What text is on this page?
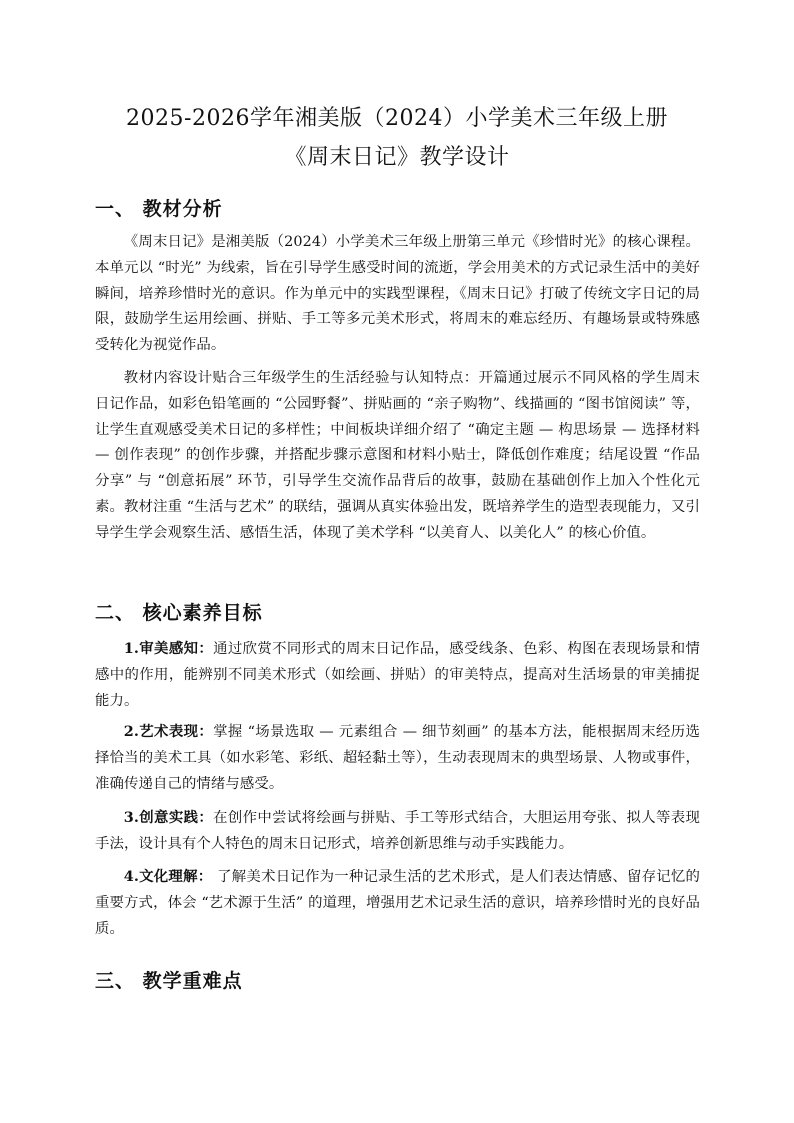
2025-2026学年湘美版（2024）小学美术三年级上册
《周末日记》教学设计
一、 教材分析

《周末日记》是湘美版（2024）小学美术三年级上册第三单元《珍惜时光》的核心课程。本单元以 “时光” 为线索，旨在引导学生感受时间的流逝，学会用美术的方式记录生活中的美好瞬间，培养珍惜时光的意识。作为单元中的实践型课程，《周末日记》打破了传统文字日记的局限，鼓励学生运用绘画、拼贴、手工等多元美术形式，将周末的难忘经历、有趣场景或特殊感受转化为视觉作品。

教材内容设计贴合三年级学生的生活经验与认知特点：开篇通过展示不同风格的学生周末日记作品，如彩色铅笔画的 “公园野餐”、拼贴画的 “亲子购物”、线描画的 “图书馆阅读” 等，让学生直观感受美术日记的多样性；中间板块详细介绍了 “确定主题 — 构思场景 — 选择材料 — 创作表现” 的创作步骤，并搭配步骤示意图和材料小贴士，降低创作难度；结尾设置 “作品分享” 与 “创意拓展” 环节，引导学生交流作品背后的故事，鼓励在基础创作上加入个性化元素。教材注重 “生活与艺术” 的联结，强调从真实体验出发，既培养学生的造型表现能力，又引导学生学会观察生活、感悟生活，体现了美术学科 “以美育人、以美化人” 的核心价值。

二、 核心素养目标

1.审美感知：通过欣赏不同形式的周末日记作品，感受线条、色彩、构图在表现场景和情感中的作用，能辨别不同美术形式（如绘画、拼贴）的审美特点，提高对生活场景的审美捕捉能力。

2.艺术表现：掌握 “场景选取 — 元素组合 — 细节刻画” 的基本方法，能根据周末经历选择恰当的美术工具（如水彩笔、彩纸、超轻黏土等），生动表现周末的典型场景、人物或事件，准确传递自己的情绪与感受。

3.创意实践：在创作中尝试将绘画与拼贴、手工等形式结合，大胆运用夸张、拟人等表现手法，设计具有个人特色的周末日记形式，培养创新思维与动手实践能力。

4.文化理解： 了解美术日记作为一种记录生活的艺术形式，是人们表达情感、留存记忆的重要方式，体会 “艺术源于生活” 的道理，增强用艺术记录生活的意识，培养珍惜时光的良好品质。

三、 教学重难点
